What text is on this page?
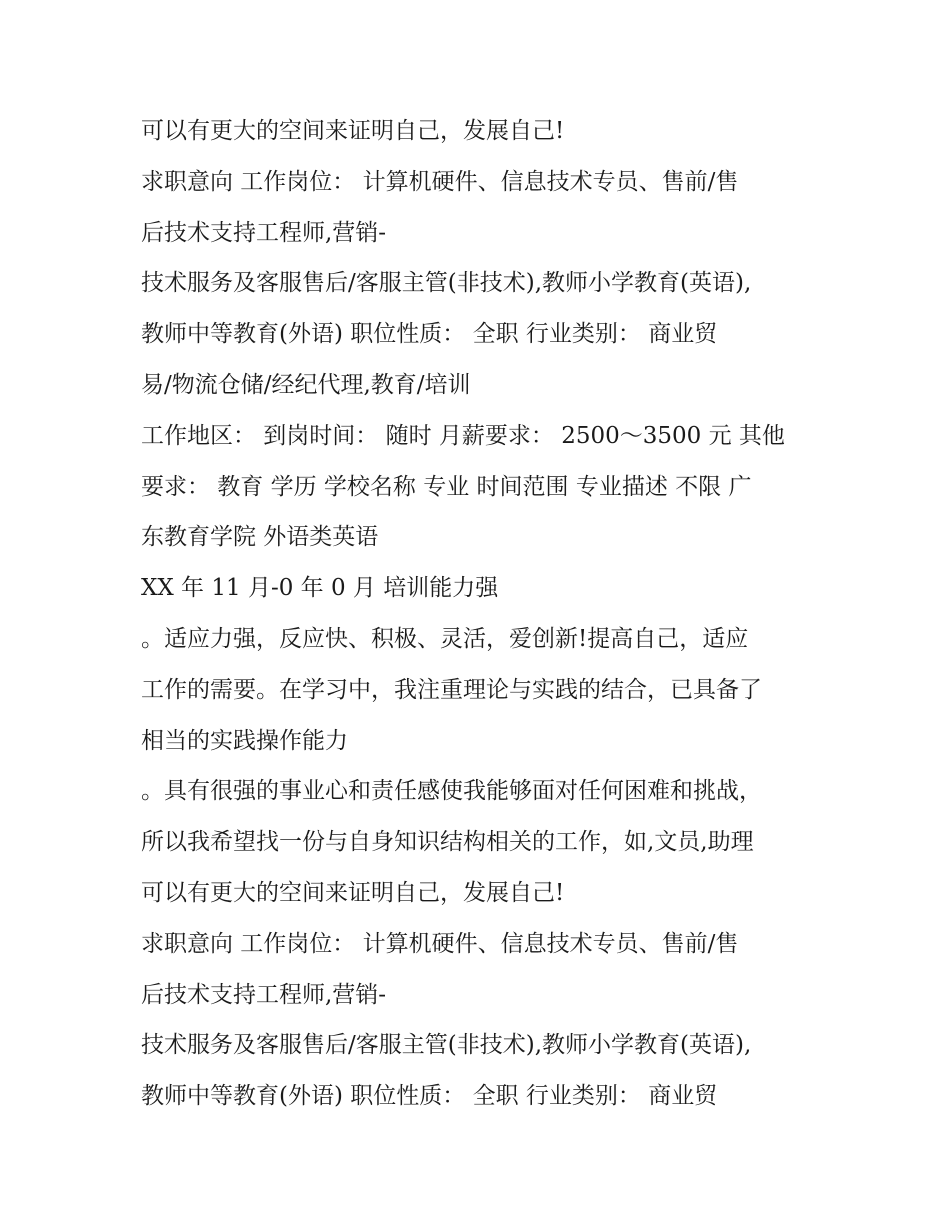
可以有更大的空间来证明自己，发展自己!
求职意向 工作岗位： 计算机硬件、信息技术专员、售前/售
后技术支持工程师,营销-
技术服务及客服售后/客服主管(非技术),教师小学教育(英语),
教师中等教育(外语) 职位性质： 全职 行业类别： 商业贸
易/物流仓储/经纪代理,教育/培训
工作地区： 到岗时间： 随时 月薪要求： 2500～3500 元 其他
要求： 教育 学历 学校名称 专业 时间范围 专业描述 不限 广
东教育学院 外语类英语
XX 年 11 月-0 年 0 月 培训能力强
。适应力强，反应快、积极、灵活，爱创新!提高自己，适应
工作的需要。在学习中，我注重理论与实践的结合，已具备了
相当的实践操作能力
。具有很强的事业心和责任感使我能够面对任何困难和挑战，
所以我希望找一份与自身知识结构相关的工作，如,文员,助理
可以有更大的空间来证明自己，发展自己!
求职意向 工作岗位： 计算机硬件、信息技术专员、售前/售
后技术支持工程师,营销-
技术服务及客服售后/客服主管(非技术),教师小学教育(英语),
教师中等教育(外语) 职位性质： 全职 行业类别： 商业贸
